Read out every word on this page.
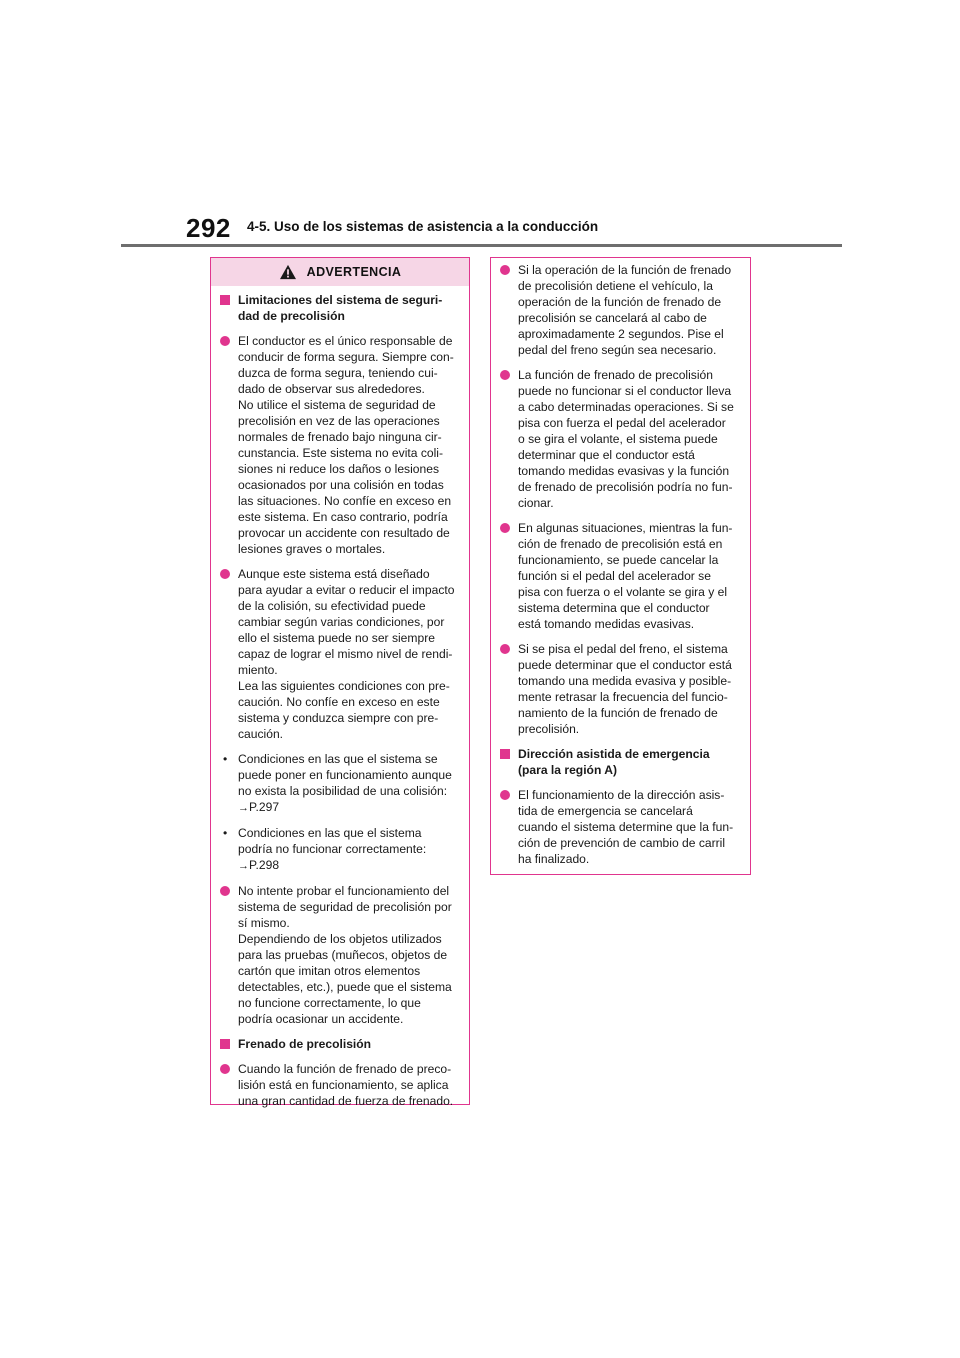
292 4-5. Uso de los sistemas de asistencia a la conducción
ADVERTENCIA
Limitaciones del sistema de seguri-
dad de precolisión
El conductor es el único responsable de
conducir de forma segura. Siempre con-
duzca de forma segura, teniendo cui-
dado de observar sus alrededores.
No utilice el sistema de seguridad de
precolisión en vez de las operaciones
normales de frenado bajo ninguna cir-
cunstancia. Este sistema no evita coli-
siones ni reduce los daños o lesiones
ocasionados por una colisión en todas
las situaciones. No confíe en exceso en
este sistema. En caso contrario, podría
provocar un accidente con resultado de
lesiones graves o mortales.
Aunque este sistema está diseñado
para ayudar a evitar o reducir el impacto
de la colisión, su efectividad puede
cambiar según varias condiciones, por
ello el sistema puede no ser siempre
capaz de lograr el mismo nivel de rendi-
miento.
Lea las siguientes condiciones con pre-
caución. No confíe en exceso en este
sistema y conduzca siempre con pre-
caución.
• Condiciones en las que el sistema se
puede poner en funcionamiento aunque
no exista la posibilidad de una colisión:
→P.297
• Condiciones en las que el sistema
podría no funcionar correctamente:
→P.298
No intente probar el funcionamiento del
sistema de seguridad de precolisión por
sí mismo.
Dependiendo de los objetos utilizados
para las pruebas (muñecos, objetos de
cartón que imitan otros elementos
detectables, etc.), puede que el sistema
no funcione correctamente, lo que
podría ocasionar un accidente.
Frenado de precolisión
Cuando la función de frenado de preco-
lisión está en funcionamiento, se aplica
una gran cantidad de fuerza de frenado.
Si la operación de la función de frenado
de precolisión detiene el vehículo, la
operación de la función de frenado de
precolisión se cancelará al cabo de
aproximadamente 2 segundos. Pise el
pedal del freno según sea necesario.
La función de frenado de precolisión
puede no funcionar si el conductor lleva
a cabo determinadas operaciones. Si se
pisa con fuerza el pedal del acelerador
o se gira el volante, el sistema puede
determinar que el conductor está
tomando medidas evasivas y la función
de frenado de precolisión podría no fun-
cionar.
En algunas situaciones, mientras la fun-
ción de frenado de precolisión está en
funcionamiento, se puede cancelar la
función si el pedal del acelerador se
pisa con fuerza o el volante se gira y el
sistema determina que el conductor
está tomando medidas evasivas.
Si se pisa el pedal del freno, el sistema
puede determinar que el conductor está
tomando una medida evasiva y posible-
mente retrasar la frecuencia del funcio-
namiento de la función de frenado de
precolisión.
Dirección asistida de emergencia
(para la región A)
El funcionamiento de la dirección asis-
tida de emergencia se cancelará
cuando el sistema determine que la fun-
ción de prevención de cambio de carril
ha finalizado.
